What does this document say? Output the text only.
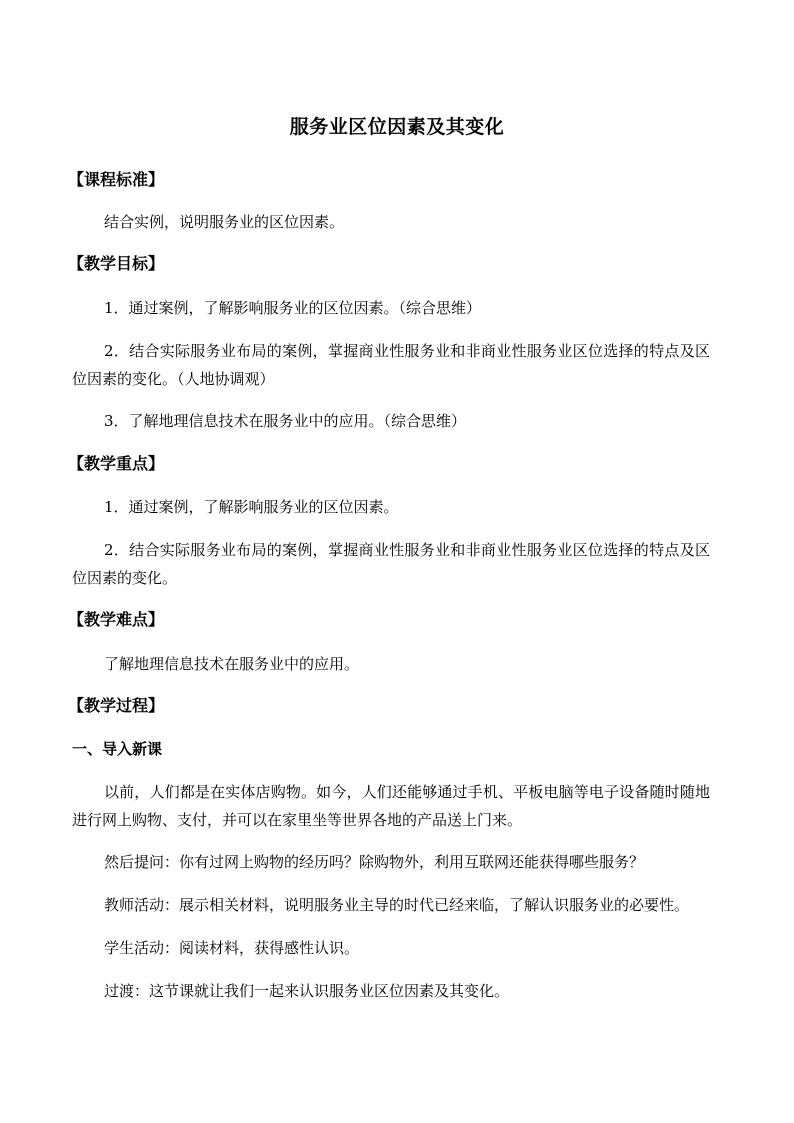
服务业区位因素及其变化
【课程标准】
结合实例，说明服务业的区位因素。
【教学目标】
1．通过案例，了解影响服务业的区位因素。（综合思维）
2．结合实际服务业布局的案例，掌握商业性服务业和非商业性服务业区位选择的特点及区位因素的变化。（人地协调观）
3．了解地理信息技术在服务业中的应用。（综合思维）
【教学重点】
1．通过案例，了解影响服务业的区位因素。
2．结合实际服务业布局的案例，掌握商业性服务业和非商业性服务业区位选择的特点及区位因素的变化。
【教学难点】
了解地理信息技术在服务业中的应用。
【教学过程】
一、导入新课
以前，人们都是在实体店购物。如今，人们还能够通过手机、平板电脑等电子设备随时随地进行网上购物、支付，并可以在家里坐等世界各地的产品送上门来。
然后提问：你有过网上购物的经历吗？除购物外，利用互联网还能获得哪些服务？
教师活动：展示相关材料，说明服务业主导的时代已经来临，了解认识服务业的必要性。
学生活动：阅读材料，获得感性认识。
过渡：这节课就让我们一起来认识服务业区位因素及其变化。
